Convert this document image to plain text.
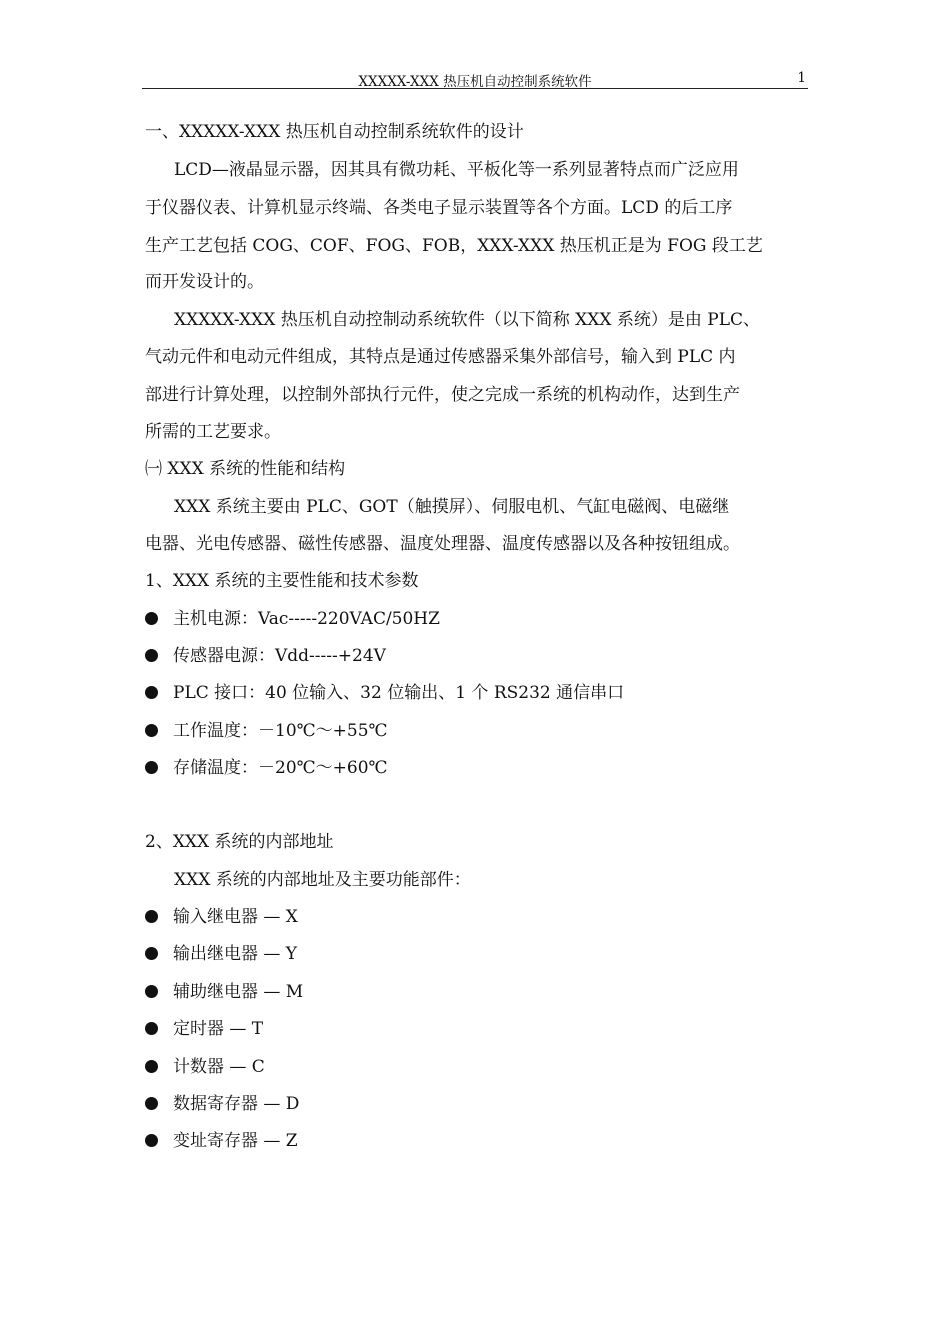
XXXXX-XXX 热压机自动控制系统软件	1
一、XXXXX-XXX 热压机自动控制系统软件的设计
LCD—液晶显示器，因其具有微功耗、平板化等一系列显著特点而广泛应用
于仪器仪表、计算机显示终端、各类电子显示装置等各个方面。LCD 的后工序
生产工艺包括 COG、COF、FOG、FOB，XXX-XXX 热压机正是为 FOG 段工艺
而开发设计的。
XXXXX-XXX 热压机自动控制动系统软件（以下简称 XXX 系统）是由 PLC、
气动元件和电动元件组成，其特点是通过传感器采集外部信号，输入到 PLC 内
部进行计算处理，以控制外部执行元件，使之完成一系统的机构动作，达到生产
所需的工艺要求。
㈠ XXX 系统的性能和结构
XXX 系统主要由 PLC、GOT（触摸屏）、伺服电机、气缸电磁阀、电磁继
电器、光电传感器、磁性传感器、温度处理器、温度传感器以及各种按钮组成。
1、XXX 系统的主要性能和技术参数
主机电源：Vac-----220VAC/50HZ
传感器电源：Vdd-----+24V
PLC 接口：40 位输入、32 位输出、1 个 RS232 通信串口
工作温度：－10℃～+55℃
存储温度：－20℃～+60℃
2、XXX 系统的内部地址
XXX 系统的内部地址及主要功能部件：
输入继电器 — X
输出继电器 — Y
辅助继电器 — M
定时器 — T
计数器 — C
数据寄存器 — D
变址寄存器 — Z
